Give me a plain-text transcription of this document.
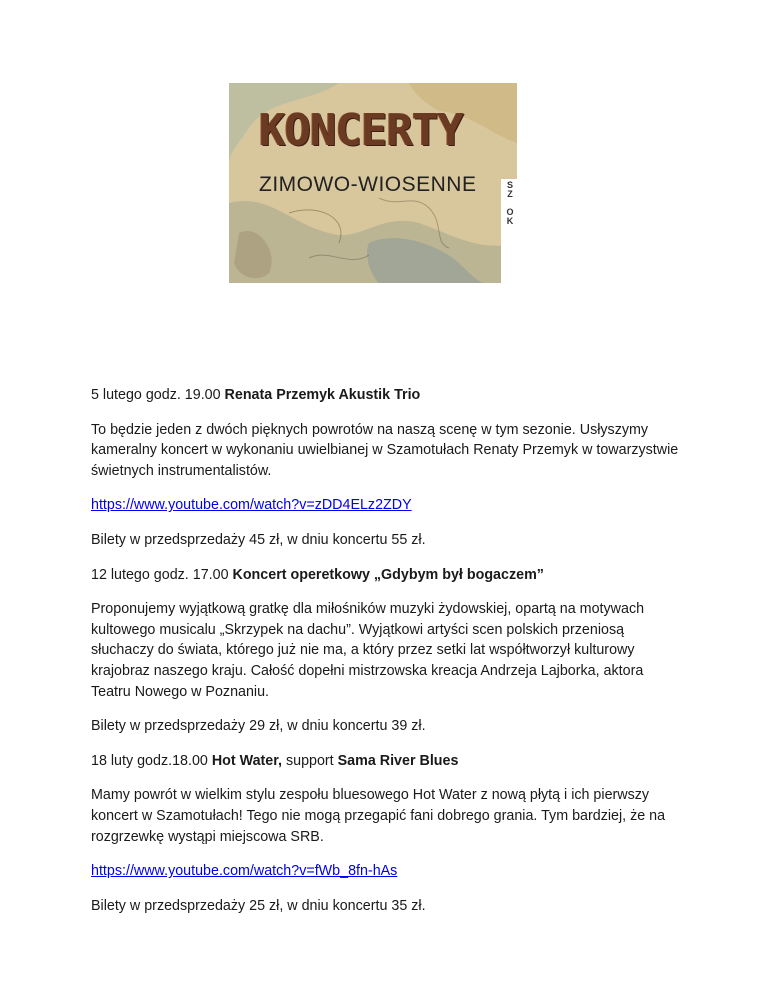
KONCERTY
ZIMOWO-WIOSENNE	S
Z

O
K

5 lutego godz. 19.00 Renata Przemyk Akustik Trio

To będzie jeden z dwóch pięknych powrotów na naszą scenę w tym sezonie. Usłyszymy kameralny koncert w wykonaniu uwielbianej w Szamotułach Renaty Przemyk w towarzystwie świetnych instrumentalistów.

https://www.youtube.com/watch?v=zDD4ELz2ZDY

Bilety w przedsprzedaży 45 zł, w dniu koncertu 55 zł.

12 lutego godz. 17.00 Koncert operetkowy „Gdybym był bogaczem”

Proponujemy wyjątkową gratkę dla miłośników muzyki żydowskiej, opartą na motywach kultowego musicalu „Skrzypek na dachu”. Wyjątkowi artyści scen polskich przeniosą słuchaczy do świata, którego już nie ma, a który przez setki lat współtworzył kulturowy krajobraz naszego kraju. Całość dopełni mistrzowska kreacja Andrzeja Lajborka, aktora Teatru Nowego w Poznaniu.

Bilety w przedsprzedaży 29 zł, w dniu koncertu 39 zł.

18 luty godz.18.00 Hot Water, support Sama River Blues

Mamy powrót w wielkim stylu zespołu bluesowego Hot Water z nową płytą i ich pierwszy koncert w Szamotułach! Tego nie mogą przegapić fani dobrego grania. Tym bardziej, że na rozgrzewkę wystąpi miejscowa SRB.

https://www.youtube.com/watch?v=fWb_8fn-hAs

Bilety w przedsprzedaży 25 zł, w dniu koncertu 35 zł.
